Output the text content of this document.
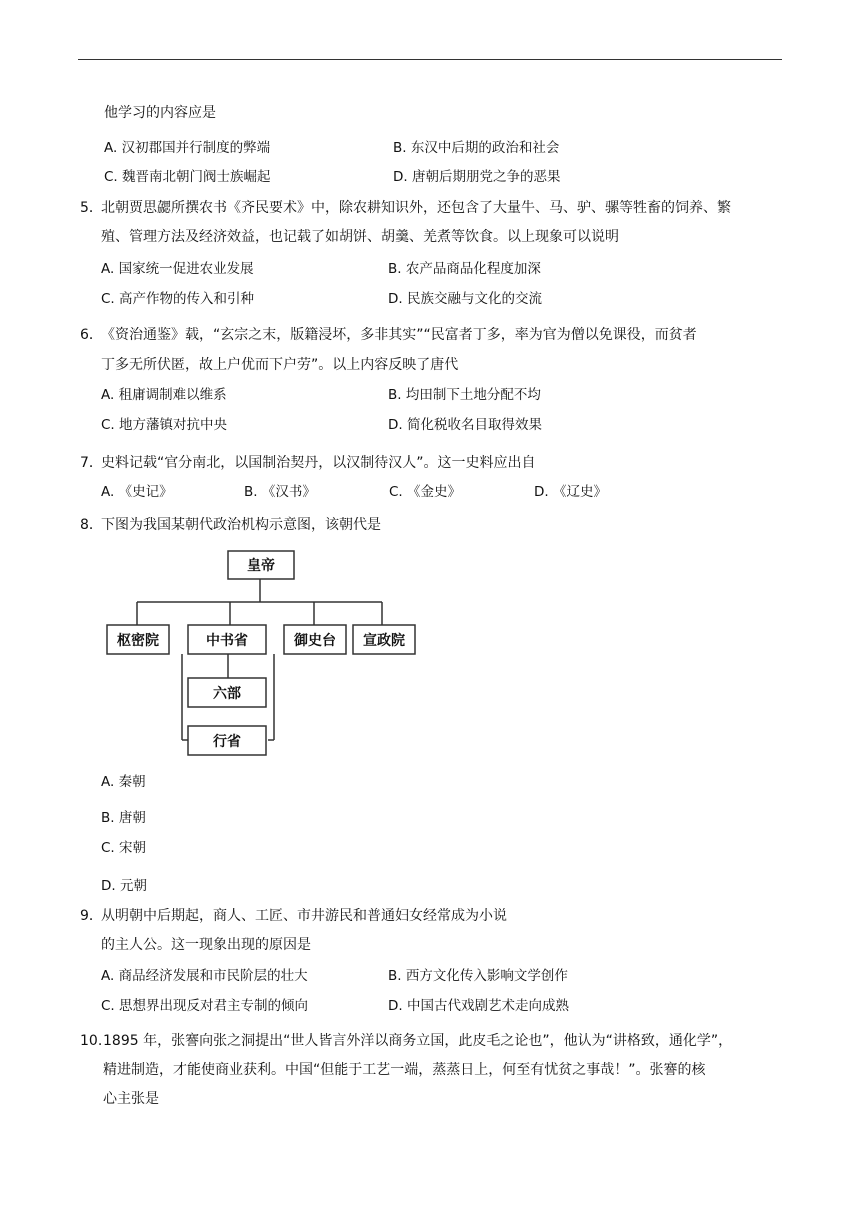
他学习的内容应是
A. 汉初郡国并行制度的弊端	B. 东汉中后期的政治和社会
C. 魏晋南北朝门阀士族崛起	D. 唐朝后期朋党之争的恶果
5．
北朝贾思勰所撰农书《齐民要术》中，除农耕知识外，还包含了大量牛、马、驴、骡等牲畜的饲养、繁
殖、管理方法及经济效益，也记载了如胡饼、胡羹、羌煮等饮食。以上现象可以说明
A. 国家统一促进农业发展	B. 农产品商品化程度加深
C. 高产作物的传入和引种	D. 民族交融与文化的交流
6．
《资治通鉴》载，“玄宗之末，版籍浸坏，多非其实”“民富者丁多，率为官为僧以免课役，而贫者
丁多无所伏匿，故上户优而下户劳”。以上内容反映了唐代
A. 租庸调制难以维系	B. 均田制下土地分配不均
C. 地方藩镇对抗中央	D. 简化税收名目取得效果
7．
史料记载“官分南北，以国制治契丹，以汉制待汉人”。这一史料应出自
A. 《史记》	B. 《汉书》	C. 《金史》	D. 《辽史》
8．
下图为我国某朝代政治机构示意图，该朝代是
皇帝
枢密院	中书省	御史台 宣政院
六部
行省
A. 秦朝
B. 唐朝
C. 宋朝
D. 元朝
9．
从明朝中后期起，商人、工匠、市井游民和普通妇女经常成为小说
的主人公。这一现象出现的原因是
A. 商品经济发展和市民阶层的壮大	B. 西方文化传入影响文学创作
C. 思想界出现反对君主专制的倾向	D. 中国古代戏剧艺术走向成熟
10. 1895 年，张謇向张之洞提出“世人皆言外洋以商务立国，此皮毛之论也”，他认为“讲格致，通化学”，
精进制造，才能使商业获利。中国“但能于工艺一端，蒸蒸日上，何至有忧贫之事哉！”。张謇的核
心主张是
